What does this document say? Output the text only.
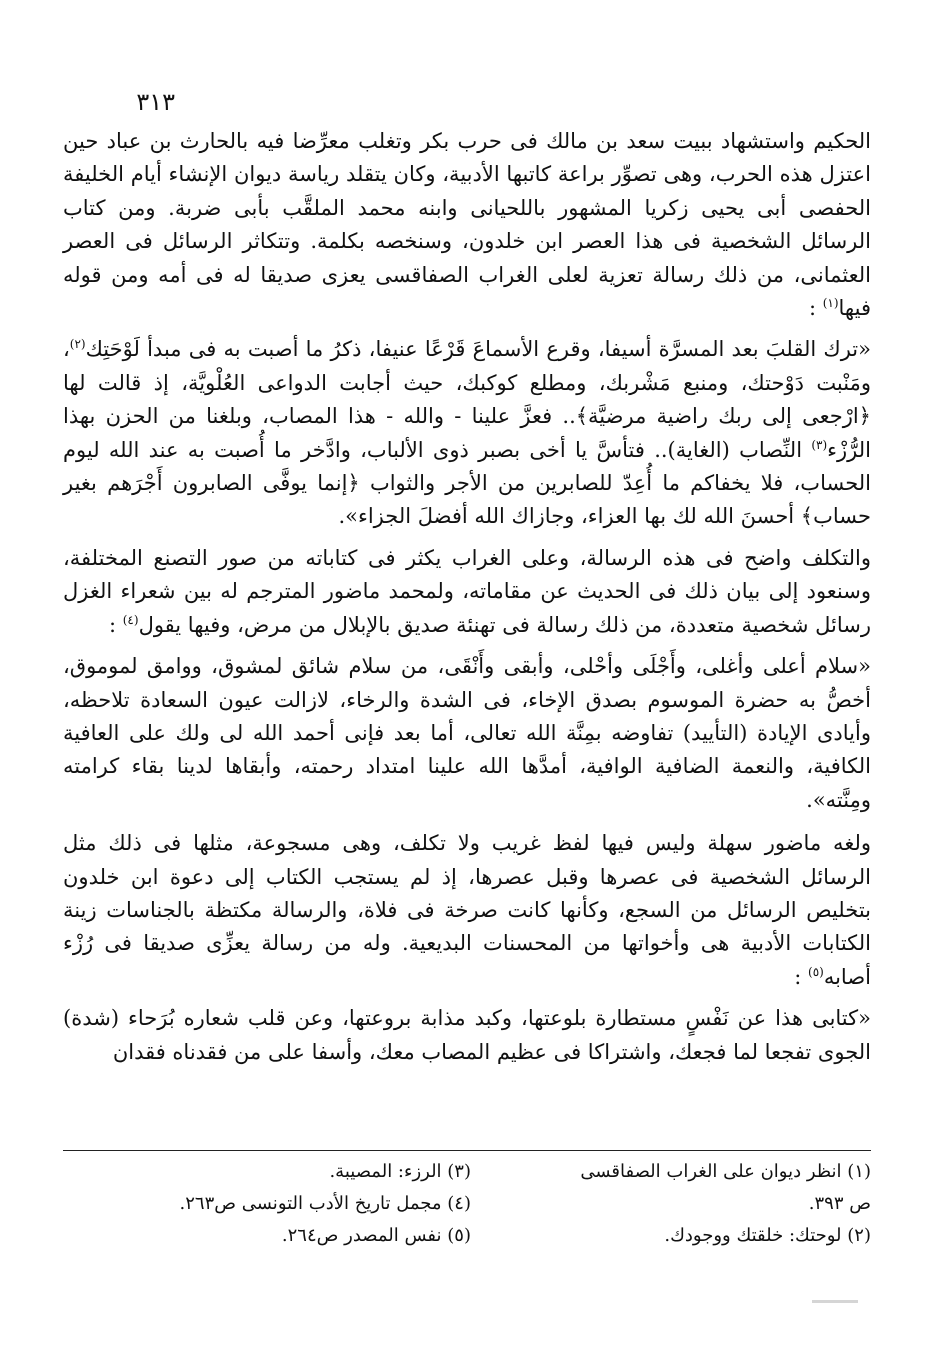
٣١٣

الحكيم واستشهاد ببيت سعد بن مالك فى حرب بكر وتغلب معرِّضا فيه بالحارث بن عباد حين اعتزل هذه الحرب، وهى تصوِّر براعة كاتبها الأدبية، وكان يتقلد رياسة ديوان الإنشاء أيام الخليفة الحفصى أبى يحيى زكريا المشهور باللحيانى وابنه محمد الملقَّب بأبى ضربة. ومن كتاب الرسائل الشخصية فى هذا العصر ابن خلدون، وسنخصه بكلمة. وتتكاثر الرسائل فى العصر العثمانى، من ذلك رسالة تعزية لعلى الغراب الصفاقسى يعزى صديقا له فى أمه ومن قوله فيها$^{(١)}$ :

«ترك القلبَ بعد المسرَّة أسيفا، وقرع الأسماعَ قَرْعًا عنيفا، ذكرُ ما أصبت به فى مبدأ لَوْحَتِك$^{(٢)}$، ومَنْبت دَوْحتك، ومنبع مَشْربك، ومطلع كوكبك، حيث أجابت الدواعى العُلْويَّة، إذ قالت لها ﴿ارْجعى إلى ربك راضية مرضيَّة﴾.. فعزَّ علينا - والله - هذا المصاب، وبلغنا من الحزن بهذا الرُّزْء$^{(٣)}$ النِّصاب (الغاية).. فتأسَّ يا أخى بصبر ذوى الألباب، وادَّخر ما أُصبت به عند الله ليوم الحساب، فلا يخفاكم ما أُعِدّ للصابرين من الأجر والثواب ﴿إنما يوفَّى الصابرون أَجْرَهم بغير حساب﴾ أحسنَ الله لك بها العزاء، وجازاك الله أفضلَ الجزاء».

والتكلف واضح فى هذه الرسالة، وعلى الغراب يكثر فى كتاباته من صور التصنع المختلفة، وسنعود إلى بيان ذلك فى الحديث عن مقاماته، ولمحمد ماضور المترجم له بين شعراء الغزل رسائل شخصية متعددة، من ذلك رسالة فى تهنئة صديق بالإبلال من مرض، وفيها يقول$^{(٤)}$ :

«سلام أعلى وأغلى، وأَجْلَى وأحْلى، وأبقى وأَنْقَى، من سلام شائق لمشوق، ووامق لموموق، أخصُّ به حضرة الموسوم بصدق الإخاء، فى الشدة والرخاء، لازالت عيون السعادة تلاحظه، وأيادى الإيادة (التأييد) تفاوضه بمِنَّة الله تعالى، أما بعد فإنى أحمد الله لى ولك على العافية الكافية، والنعمة الضافية الوافية، أمدَّها الله علينا امتداد رحمته، وأبقاها لدينا بقاء كرامته ومِنَّته».

ولغه ماضور سهلة وليس فيها لفظ غريب ولا تكلف، وهى مسجوعة، مثلها فى ذلك مثل الرسائل الشخصية فى عصرها وقبل عصرها، إذ لم يستجب الكتاب إلى دعوة ابن خلدون بتخليص الرسائل من السجع، وكأنها كانت صرخة فى فلاة، والرسالة مكتظة بالجناسات زينة الكتابات الأدبية هى وأخواتها من المحسنات البديعية. وله من رسالة يعزِّى صديقا فى رُزْء أصابه$^{(٥)}$ :

«كتابى هذا عن نَفْسٍ مستطارة بلوعتها، وكبد مذابة بروعتها، وعن قلب شعاره بُرَحاء (شدة) الجوى تفجعا لما فجعك، واشتراكا فى عظيم المصاب معك، وأسفا على من فقدناه فقدان

(١) انظر ديوان على الغراب الصفاقسى
ص ٣٩٣.
(٢) لوحتك: خلقتك ووجودك.
(٣) الرزء: المصيبة.
(٤) مجمل تاريخ الأدب التونسى ص٢٦٣.
(٥) نفس المصدر ص٢٦٤.
